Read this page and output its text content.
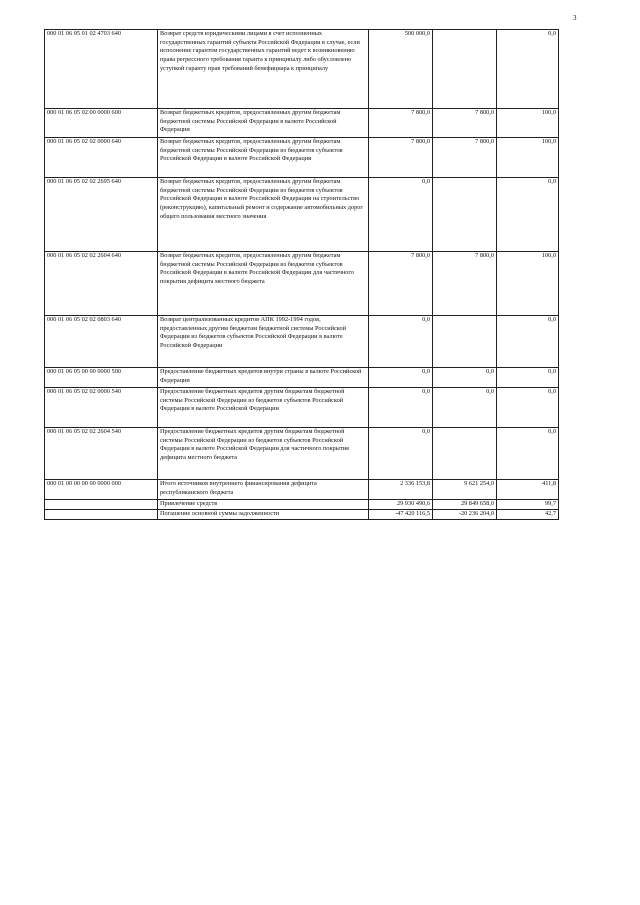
3
000 01 06 05 01 02 4703 640	Возврат средств юридическими лицами в счет исполненных государственных гарантий субъекта Российской Федерации в случае, если исполнение гарантом государственных гарантий ведет к возникновению права регрессного требования гаранта к принципалу либо обусловлено уступкой гаранту прав требований бенефициара к принципалу	500 000,0		0,0
000 01 06 05 02 00 0000 600	Возврат бюджетных кредитов, предоставленных другим бюджетам бюджетной системы Российской Федерации в валюте Российской Федерации	7 800,0	7 800,0	100,0
000 01 06 05 02 02 0000 640	Возврат бюджетных кредитов, предоставленных другим бюджетам бюджетной системы Российской Федерации из бюджетов субъектов Российской Федерации в валюте Российской Федерации	7 800,0	7 800,0	100,0
000 01 06 05 02 02 2695 640	Возврат бюджетных кредитов, предоставленных другим бюджетам бюджетной системы Российской Федерации из бюджетов субъектов Российской Федерации в валюте Российской Федерации на строительство (реконструкцию), капитальный ремонт и содержание автомобильных дорог общего пользования местного значения	0,0		0,0
000 01 06 05 02 02 2604 640	Возврат бюджетных кредитов, предоставленных другим бюджетам бюджетной системы Российской Федерации из бюджетов субъектов Российской Федерации в валюте Российской Федерации для частичного покрытия дефицита местного бюджета	7 800,0	7 800,0	100,0
000 01 06 05 02 02 0803 640	Возврат централизованных кредитов АПК 1992-1994 годов, предоставленных другим бюджетам бюджетной системы Российской Федерации из бюджетов субъектов Российской Федерации в валюте Российской Федерации	0,0		0,0
000 01 06 05 00 00 0000 500	Предоставление бюджетных кредитов внутри страны в валюте Российской Федерации	0,0	0,0	0,0
000 01 06 05 02 02 0000 540	Предоставление бюджетных кредитов другим бюджетам бюджетной системы Российской Федерации из бюджетов субъектов Российской Федерации в валюте Российской Федерации	0,0	0,0	0,0
000 01 06 05 02 02 2604 540	Предоставление бюджетных кредитов другим бюджетам бюджетной системы Российской Федерации из бюджетов субъектов Российской Федерации в валюте Российской Федерации для частичного покрытия дефицита местного бюджета	0,0		0,0
000 01 00 00 00 00 0000 000	Итого источников внутреннего финансирования дефицита республиканского бюджета	2 336 153,8	9 621 254,0	411,8
	Привлечение средств	29 930 490,6	29 849 658,0	99,7
	Погашение основной суммы задолженности	-47 420 116,5	-20 236 204,0	42,7
